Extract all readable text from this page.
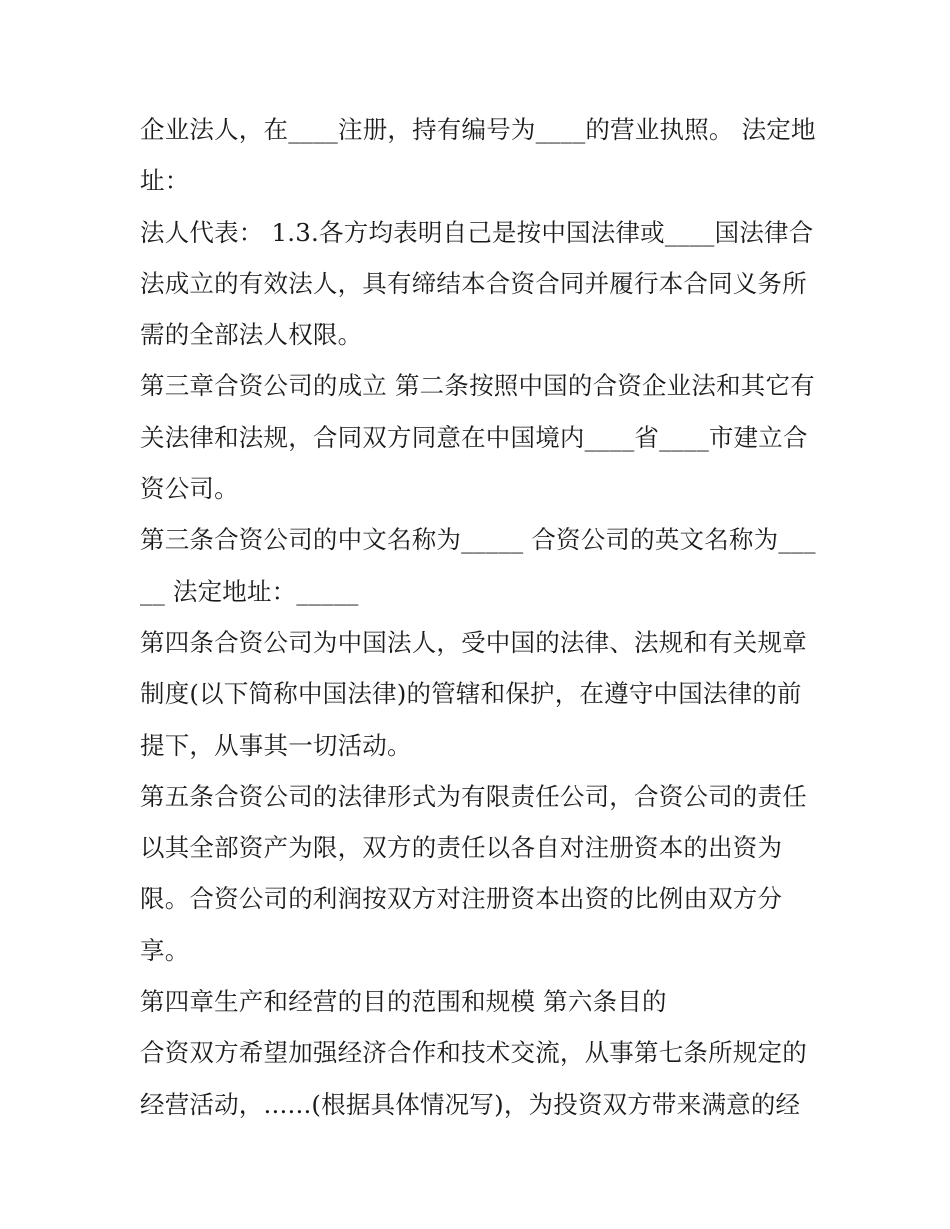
企业法人，在____注册，持有编号为____的营业执照。 法定地址：

法人代表： 1.3.各方均表明自己是按中国法律或____国法律合法成立的有效法人，具有缔结本合资合同并履行本合同义务所需的全部法人权限。

第三章合资公司的成立 第二条按照中国的合资企业法和其它有关法律和法规，合同双方同意在中国境内____省____市建立合资公司。

第三条合资公司的中文名称为_____ 合资公司的英文名称为_____ 法定地址：_____

第四条合资公司为中国法人，受中国的法律、法规和有关规章制度(以下简称中国法律)的管辖和保护，在遵守中国法律的前提下，从事其一切活动。

第五条合资公司的法律形式为有限责任公司，合资公司的责任以其全部资产为限，双方的责任以各自对注册资本的出资为限。合资公司的利润按双方对注册资本出资的比例由双方分享。

第四章生产和经营的目的范围和规模 第六条目的

合资双方希望加强经济合作和技术交流，从事第七条所规定的经营活动，......(根据具体情况写)，为投资双方带来满意的经
